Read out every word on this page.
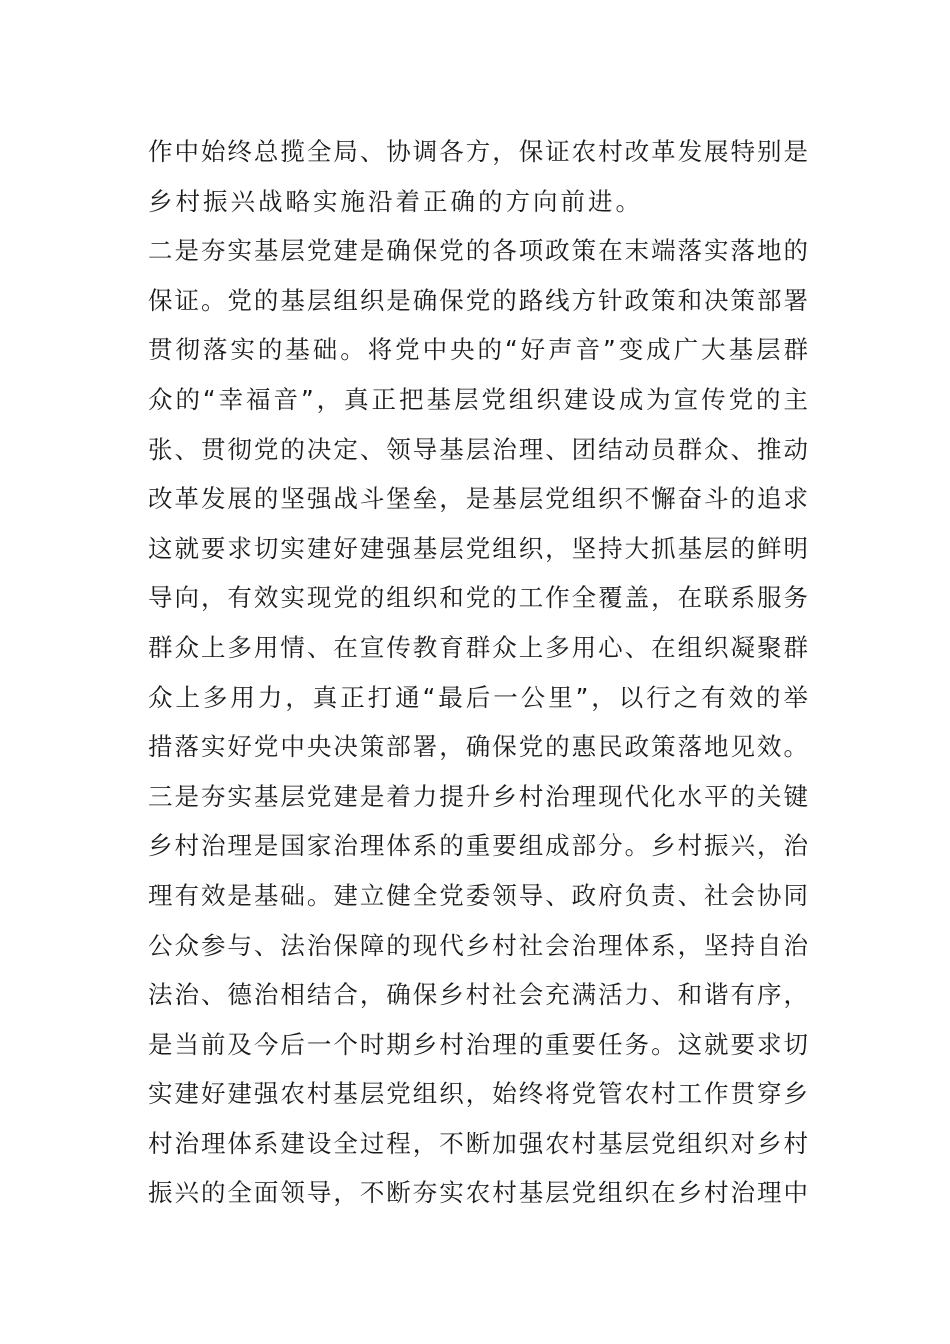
作中始终总揽全局、协调各方，保证农村改革发展特别是
乡村振兴战略实施沿着正确的方向前进。
二是夯实基层党建是确保党的各项政策在末端落实落地的
保证。党的基层组织是确保党的路线方针政策和决策部署
贯彻落实的基础。将党中央的“好声音”变成广大基层群
众的“幸福音”，真正把基层党组织建设成为宣传党的主
张、贯彻党的决定、领导基层治理、团结动员群众、推动
改革发展的坚强战斗堡垒，是基层党组织不懈奋斗的追求
这就要求切实建好建强基层党组织，坚持大抓基层的鲜明
导向，有效实现党的组织和党的工作全覆盖，在联系服务
群众上多用情、在宣传教育群众上多用心、在组织凝聚群
众上多用力，真正打通“最后一公里”，以行之有效的举
措落实好党中央决策部署，确保党的惠民政策落地见效。
三是夯实基层党建是着力提升乡村治理现代化水平的关键
乡村治理是国家治理体系的重要组成部分。乡村振兴，治
理有效是基础。建立健全党委领导、政府负责、社会协同
公众参与、法治保障的现代乡村社会治理体系，坚持自治
法治、德治相结合，确保乡村社会充满活力、和谐有序，
是当前及今后一个时期乡村治理的重要任务。这就要求切
实建好建强农村基层党组织，始终将党管农村工作贯穿乡
村治理体系建设全过程，不断加强农村基层党组织对乡村
振兴的全面领导，不断夯实农村基层党组织在乡村治理中
